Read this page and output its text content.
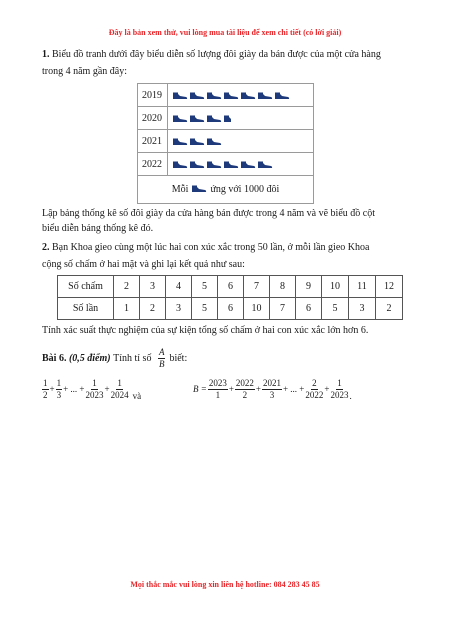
Đây là bản xem thử, vui lòng mua tài liệu để xem chi tiết (có lời giải)
1. Biểu đồ tranh dưới đây biểu diễn số lượng đôi giày da bán được của một cửa hàng
trong 4 năm gần đây:
2019	
2020	
2021	
2022	
Mỗi ứng với 1000 đôi	
Lập bảng thống kê số đôi giày da cửa hàng bán được trong 4 năm và vẽ biểu đồ cột
biểu diễn bảng thống kê đó.
2. Bạn Khoa gieo cùng một lúc hai con xúc xắc trong 50 lần, ở mỗi lần gieo Khoa
cộng số chấm ở hai mặt và ghi lại kết quả như sau:
Số chấm	2	3	4	5	6	7	8	9	10	11	12
Số lần	1	2	3	5	6	10	7	6	5	3	2
Tính xác suất thực nghiệm của sự kiện tổng số chấm ở hai con xúc xắc lớn hơn 6.
Bài 6.
(0,5 điểm)
Tính tỉ số
$\frac{A}{B}$ biết:
$\frac{1}{2} + \frac{1}{3}$ + ... + $\frac{1}{2023} + \frac{1}{2024}$ và
$B = \frac{2023}{1} + \frac{2022}{2} + \frac{2021}{3}$ + ... + $\frac{2}{2022} + \frac{1}{2023}$ .
Mọi thắc mắc vui lòng xin liên hệ hotline: 084 283 45 85
